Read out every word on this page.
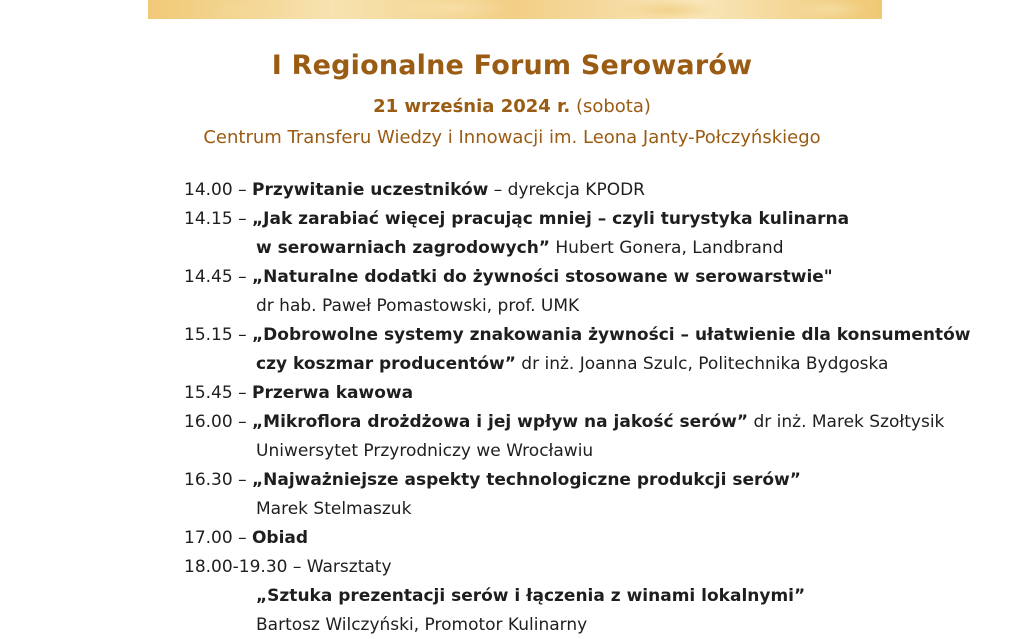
I Regionalne Forum Serowarów
21 września 2024 r. (sobota)
Centrum Transferu Wiedzy i Innowacji im. Leona Janty-Połczyńskiego
14.00 – Przywitanie uczestników – dyrekcja KPODR
14.15 – „Jak zarabiać więcej pracując mniej – czyli turystyka kulinarna
w serowarniach zagrodowych” Hubert Gonera, Landbrand
14.45 – „Naturalne dodatki do żywności stosowane w serowarstwie"
dr hab. Paweł Pomastowski, prof. UMK
15.15 – „Dobrowolne systemy znakowania żywności – ułatwienie dla konsumentów
czy koszmar producentów” dr inż. Joanna Szulc, Politechnika Bydgoska
15.45 – Przerwa kawowa
16.00 – „Mikroflora drożdżowa i jej wpływ na jakość serów” dr inż. Marek Szołtysik
Uniwersytet Przyrodniczy we Wrocławiu
16.30 – „Najważniejsze aspekty technologiczne produkcji serów”
Marek Stelmaszuk
17.00 – Obiad
18.00-19.30 – Warsztaty
„Sztuka prezentacji serów i łączenia z winami lokalnymi”
Bartosz Wilczyński, Promotor Kulinarny
